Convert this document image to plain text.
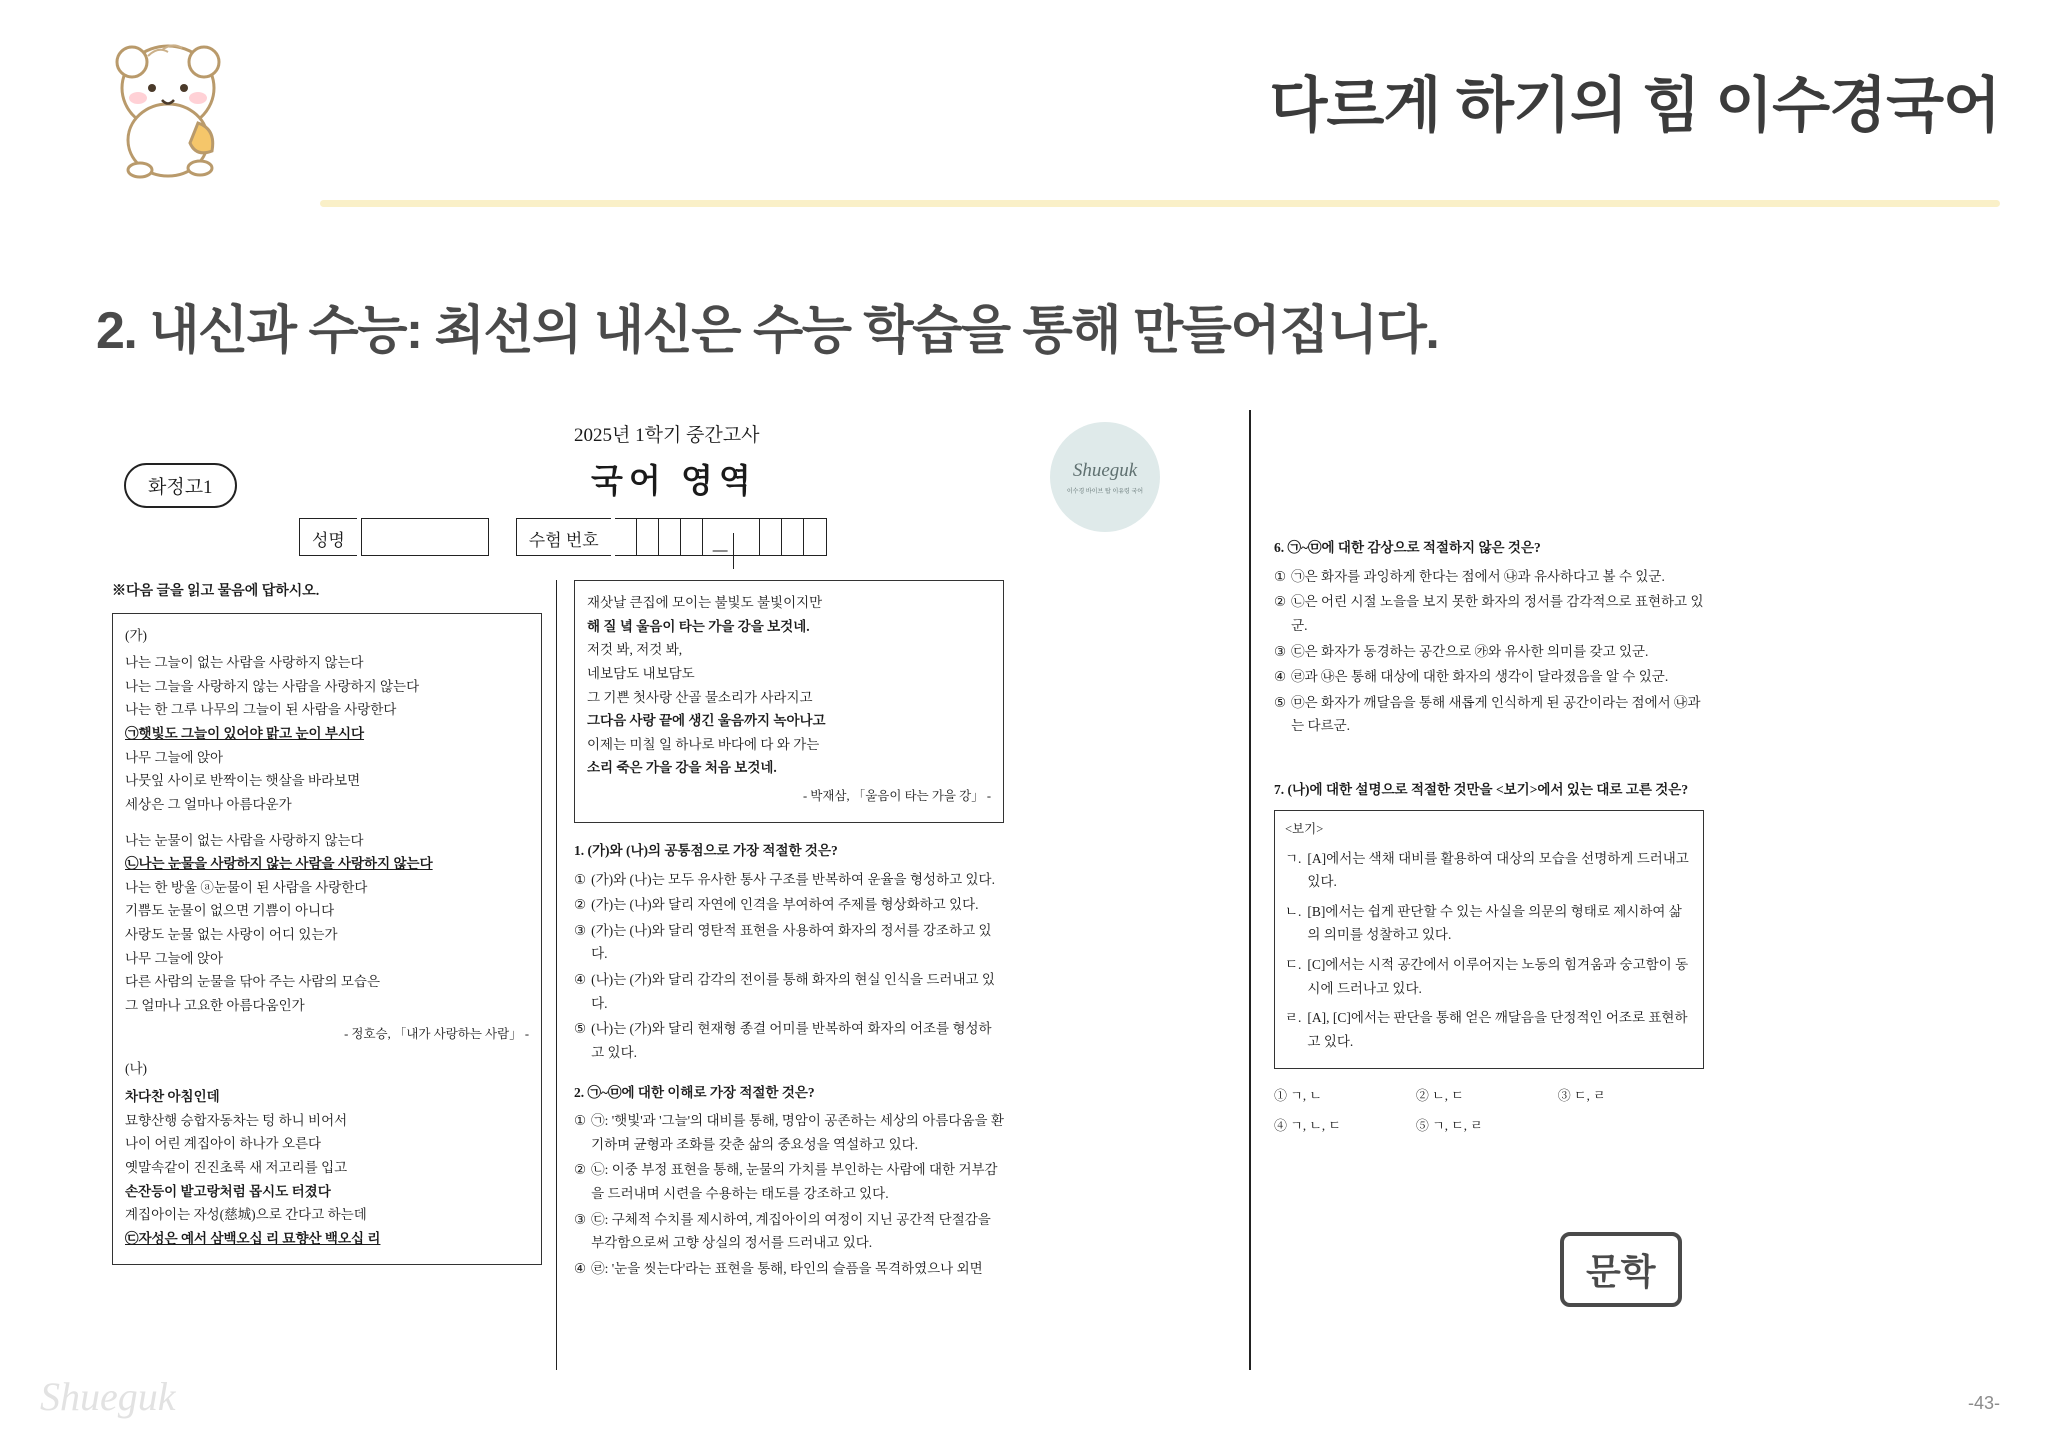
다르게 하기의 힘 이수경국어
2. 내신과 수능: 최선의 내신은 수능 학습을 통해 만들어집니다.
2025년 1학기 중간고사
국어 영역
화정고1
Shueguk
이수경 바이브 탑 이유령 국어
성명	수험 번호  —
※다음 글을 읽고 물음에 답하시오.
(가)
나는 그늘이 없는 사람을 사랑하지 않는다
나는 그늘을 사랑하지 않는 사람을 사랑하지 않는다
나는 한 그루 나무의 그늘이 된 사람을 사랑한다
㉠햇빛도 그늘이 있어야 맑고 눈이 부시다
나무 그늘에 앉아
나뭇잎 사이로 반짝이는 햇살을 바라보면
세상은 그 얼마나 아름다운가
나는 눈물이 없는 사람을 사랑하지 않는다
㉡나는 눈물을 사랑하지 않는 사람을 사랑하지 않는다
나는 한 방울 ⓐ눈물이 된 사람을 사랑한다
기쁨도 눈물이 없으면 기쁨이 아니다
사랑도 눈물 없는 사랑이 어디 있는가
나무 그늘에 앉아
다른 사람의 눈물을 닦아 주는 사람의 모습은
그 얼마나 고요한 아름다움인가
- 정호승, 「내가 사랑하는 사람」 -
(나)
차다찬 아침인데
묘향산행 승합자동차는 텅 하니 비어서
나이 어린 계집아이 하나가 오른다
옛말속같이 진진초록 새 저고리를 입고
손잔등이 밭고랑처럼 몹시도 터졌다
계집아이는 자성(慈城)으로 간다고 하는데
㉢자성은 예서 삼백오십 리 묘향산 백오십 리
재삿날 큰집에 모이는 불빛도 불빛이지만
해 질 녘 울음이 타는 가을 강을 보것네.
저것 봐, 저것 봐,
네보담도 내보담도
그 기쁜 첫사랑 산골 물소리가 사라지고
그다음 사랑 끝에 생긴 울음까지 녹아나고
이제는 미칠 일 하나로 바다에 다 와 가는
소리 죽은 가을 강을 처음 보것네.
- 박재삼, 「울음이 타는 가을 강」 -
1. (가)와 (나)의 공통점으로 가장 적절한 것은?
① (가)와 (나)는 모두 유사한 통사 구조를 반복하여 운율을 형성하고 있다.
② (가)는 (나)와 달리 자연에 인격을 부여하여 주제를 형상화하고 있다.
③ (가)는 (나)와 달리 영탄적 표현을 사용하여 화자의 정서를 강조하고 있다.
④ (나)는 (가)와 달리 감각의 전이를 통해 화자의 현실 인식을 드러내고 있다.
⑤ (나)는 (가)와 달리 현재형 종결 어미를 반복하여 화자의 어조를 형성하고 있다.
2. ㉠~㉤에 대한 이해로 가장 적절한 것은?
① ㉠: '햇빛'과 '그늘'의 대비를 통해, 명암이 공존하는 세상의 아름다움을 환기하며 균형과 조화를 갖춘 삶의 중요성을 역설하고 있다.
② ㉡: 이중 부정 표현을 통해, 눈물의 가치를 부인하는 사람에 대한 거부감을 드러내며 시련을 수용하는 태도를 강조하고 있다.
③ ㉢: 구체적 수치를 제시하여, 계집아이의 여정이 지닌 공간적 단절감을 부각함으로써 고향 상실의 정서를 드러내고 있다.
④ ㉣: '눈을 씻는다'라는 표현을 통해, 타인의 슬픔을 목격하였으나 외면
6. ㉠~㉤에 대한 감상으로 적절하지 않은 것은?
① ㉠은 화자를 과잉하게 한다는 점에서 ㉯과 유사하다고 볼 수 있군.
② ㉡은 어린 시절 노을을 보지 못한 화자의 정서를 감각적으로 표현하고 있군.
③ ㉢은 화자가 동경하는 공간으로 ㉮와 유사한 의미를 갖고 있군.
④ ㉣과 ㉯은 통해 대상에 대한 화자의 생각이 달라졌음을 알 수 있군.
⑤ ㉤은 화자가 깨달음을 통해 새롭게 인식하게 된 공간이라는 점에서 ㉯과는 다르군.
7. (나)에 대한 설명으로 적절한 것만을 <보기>에서 있는 대로 고른 것은?
<보기>
ㄱ. [A]에서는 색채 대비를 활용하여 대상의 모습을 선명하게 드러내고 있다.
ㄴ. [B]에서는 쉽게 판단할 수 있는 사실을 의문의 형태로 제시하여 삶의 의미를 성찰하고 있다.
ㄷ. [C]에서는 시적 공간에서 이루어지는 노동의 힘겨움과 숭고함이 동시에 드러나고 있다.
ㄹ. [A], [C]에서는 판단을 통해 얻은 깨달음을 단정적인 어조로 표현하고 있다.
① ㄱ, ㄴ	② ㄴ, ㄷ	③ ㄷ, ㄹ
④ ㄱ, ㄴ, ㄷ	⑤ ㄱ, ㄷ, ㄹ
문학
Shueguk	-43-
